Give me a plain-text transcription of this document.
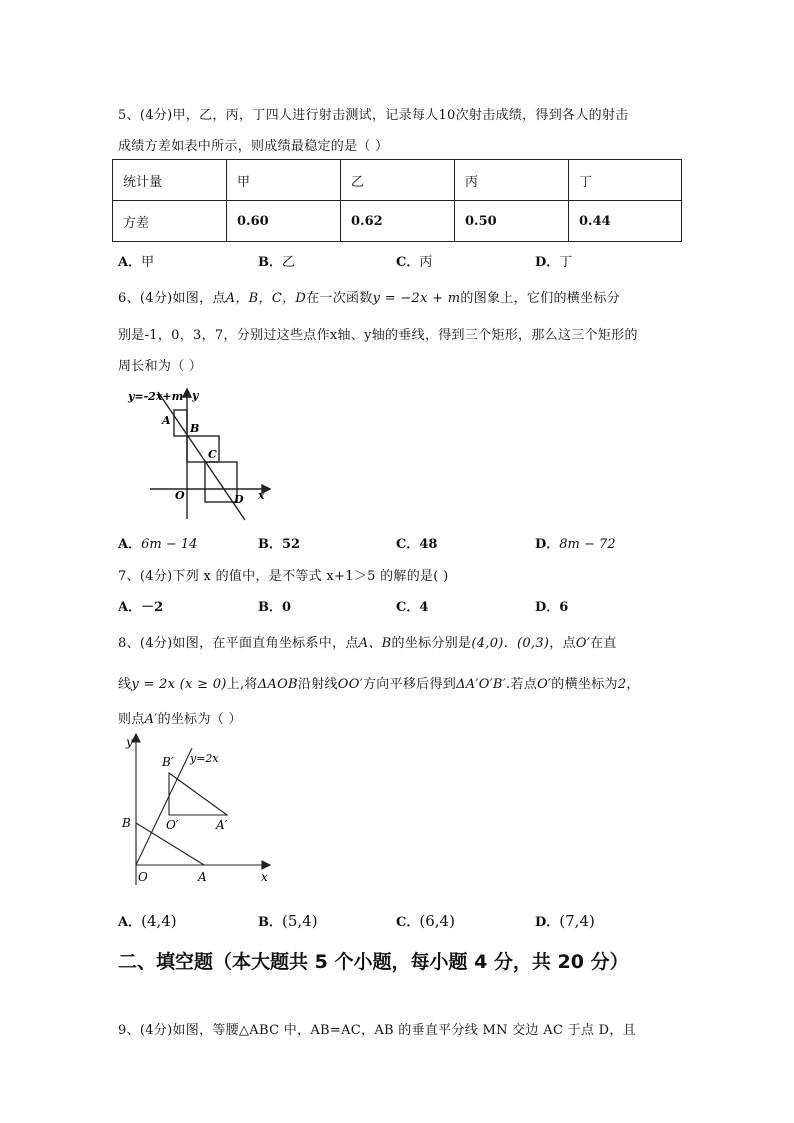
5、(4分)甲，乙，丙，丁四人进行射击测试，记录每人10次射击成绩，得到各人的射击
成绩方差如表中所示，则成绩最稳定的是（ ）
统计量	甲	乙	丙	丁
方差	0.60	0.62	0.50	0.44
A．甲	B．乙	C．丙	D．丁
6、(4分)如图，点A，B，C，D在一次函数y = −2x + m的图象上，它们的横坐标分
别是-1，0，3，7，分别过这些点作x轴、y轴的垂线，得到三个矩形，那么这三个矩形的
周长和为（ ）
y=-2x+m y
x
O
A
B
C
D
A．6m − 14	B．52	C．48	D．8m − 72
7、(4分)下列 x 的值中，是不等式 x+1＞5 的解的是( )
A．－2	B．0	C．4	D．6
8、(4分)如图，在平面直角坐标系中，点A、B的坐标分别是(4,0)．(0,3)，点O′在直
线y = 2x (x ≥ 0)上,将ΔAOB沿射线OO′方向平移后得到ΔA′O′B′.若点O′的横坐标为2，
则点A′的坐标为（ ）
y
x
y=2x
O	A
B	A′
B′
O′
A．(4,4)	B．(5,4)	C．(6,4)	D．(7,4)
二、填空题（本大题共 5 个小题，每小题 4 分，共 20 分）
9、(4分)如图，等腰△ABC 中，AB=AC，AB 的垂直平分线 MN 交边 AC 于点 D，且
